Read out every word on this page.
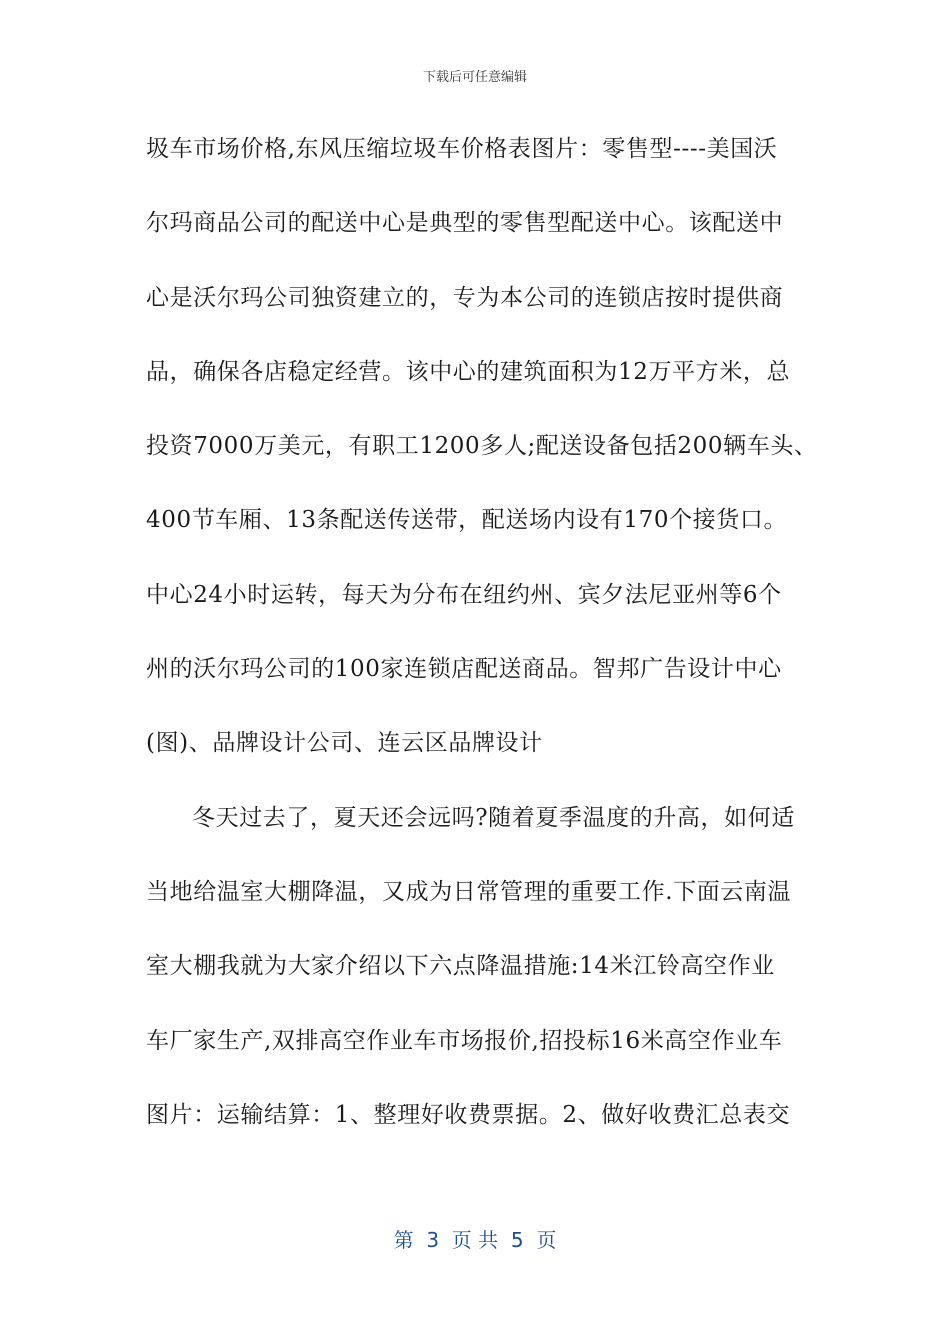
下载后可任意编辑
圾车市场价格,东风压缩垃圾车价格表图片：零售型----美国沃
尔玛商品公司的配送中心是典型的零售型配送中心。该配送中
心是沃尔玛公司独资建立的，专为本公司的连锁店按时提供商
品，确保各店稳定经营。该中心的建筑面积为12万平方米，总
投资7000万美元，有职工1200多人;配送设备包括200辆车头、
400节车厢、13条配送传送带，配送场内设有170个接货口。
中心24小时运转，每天为分布在纽约州、宾夕法尼亚州等6个
州的沃尔玛公司的100家连锁店配送商品。智邦广告设计中心
(图)、品牌设计公司、连云区品牌设计
冬天过去了，夏天还会远吗?随着夏季温度的升高，如何适
当地给温室大棚降温，又成为日常管理的重要工作.下面云南温
室大棚我就为大家介绍以下六点降温措施:14米江铃高空作业
车厂家生产,双排高空作业车市场报价,招投标16米高空作业车
图片：运输结算：1、整理好收费票据。2、做好收费汇总表交
第  3  页 共  5  页
